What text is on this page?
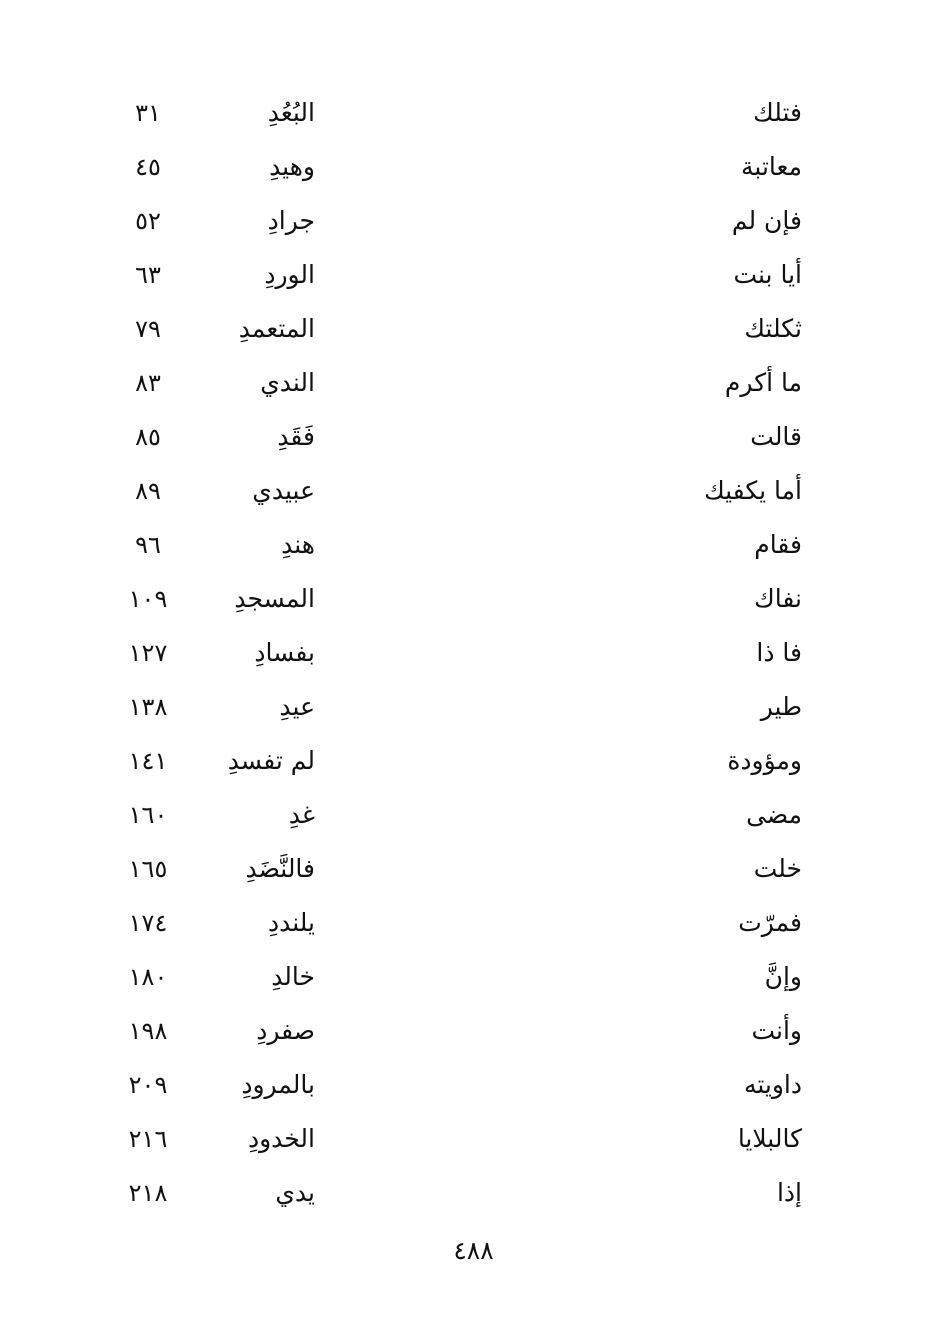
فتلك
البُعُدِ
٣١
معاتبة
وهيدِ
٤٥
فإن لم
جرادِ
٥٢
أيا بنت
الوردِ
٦٣
ثكلتك
المتعمدِ
٧٩
ما أكرم
الندي
٨٣
قالت
فَقَدِ
٨٥
أما يكفيك
عبيدي
٨٩
فقام
هندِ
٩٦
نفاك
المسجدِ
١٠٩
فا ذا
بفسادِ
١٢٧
طير
عيدِ
١٣٨
ومؤودة
لم تفسدِ
١٤١
مضى
غدِ
١٦٠
خلت
فالنَّضَدِ
١٦٥
فمرّت
يلنددِ
١٧٤
وإنَّ
خالدِ
١٨٠
وأنت
صفردِ
١٩٨
داويته
بالمرودِ
٢٠٩
كالبلايا
الخدودِ
٢١٦
إذا
يدي
٢١٨
٤٨٨
